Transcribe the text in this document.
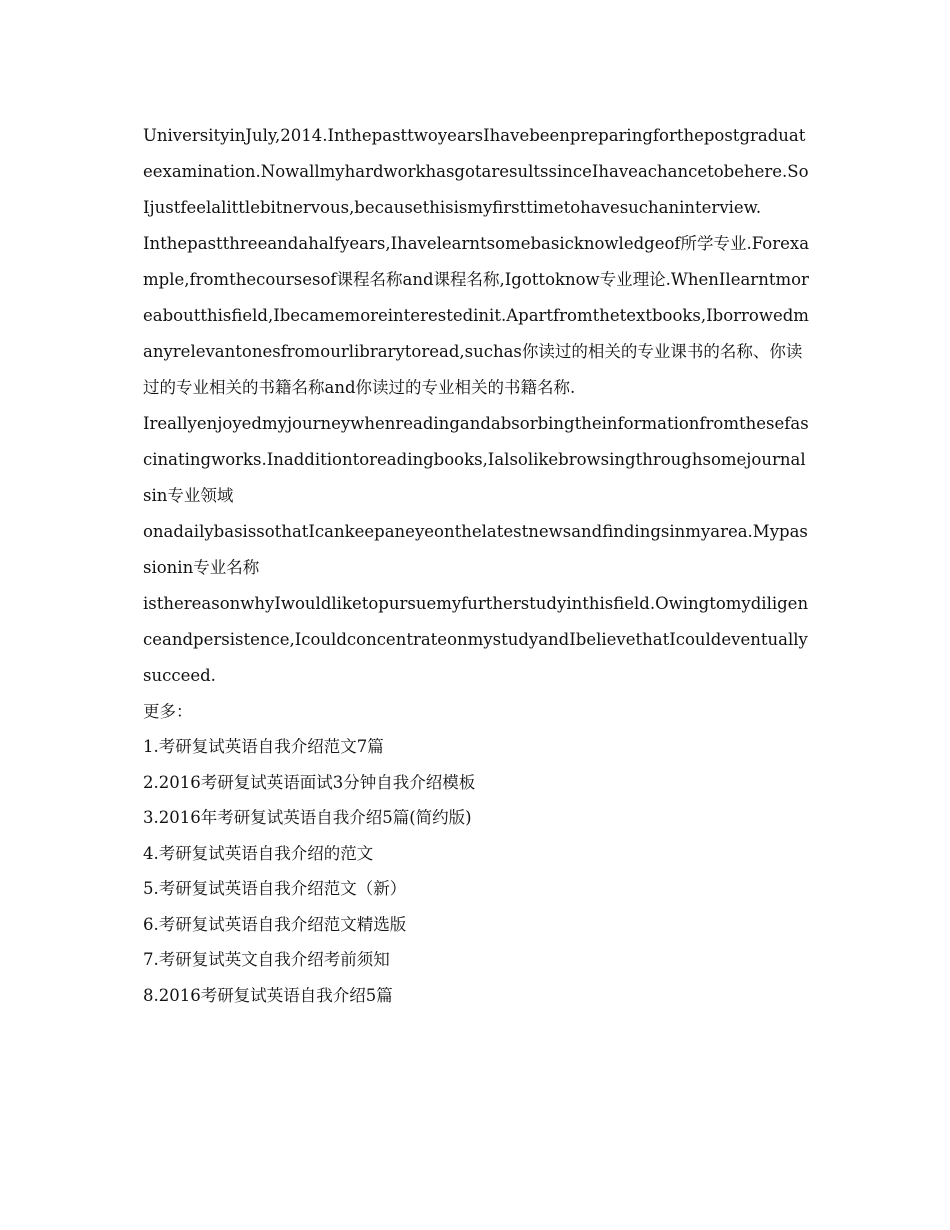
UniversityinJuly,2014.InthepasttwoyearsIhavebeenpreparingforthepostgraduateexamination.NowallmyhardworkhasgotaresultssinceIhaveachancetobehere.SoIjustfeelalittlebitnervous,becausethisismyfirsttimetohavesuchaninterview.

Inthepastthreeandahalfyears,Ihavelearntsomebasicknowledgeof所学专业.Forexample,fromthecoursesof课程名称and课程名称,Igottoknow专业理论.WhenIlearntmoreaboutthisfield,Ibecamemoreinterestedinit.Apartfromthetextbooks,Iborrowedmanyrelevantonesfromourlibrarytoread,suchas你读过的相关的专业课书的名称、你读过的专业相关的书籍名称and你读过的专业相关的书籍名称.

Ireallyenjoyedmyjourneywhenreadingandabsorbingtheinformationfromthesefascinatingworks.Inadditiontoreadingbooks,Ialsolikebrowsingthroughsomejournalsin专业领域

onadailybasissothatIcankeepaneyeonthelatestnewsandfindingsinmyarea.Mypassionin专业名称

isthereasonwhyIwouldliketopursuemyfurtherstudyinthisfield.Owingtomydiligenceandpersistence,IcouldconcentrateonmystudyandIbelievethatIcouldeventuallysucceed.

更多：

1.考研复试英语自我介绍范文7篇
2.2016考研复试英语面试3分钟自我介绍模板
3.2016年考研复试英语自我介绍5篇(简约版)
4.考研复试英语自我介绍的范文
5.考研复试英语自我介绍范文（新）
6.考研复试英语自我介绍范文精选版
7.考研复试英文自我介绍考前须知
8.2016考研复试英语自我介绍5篇
